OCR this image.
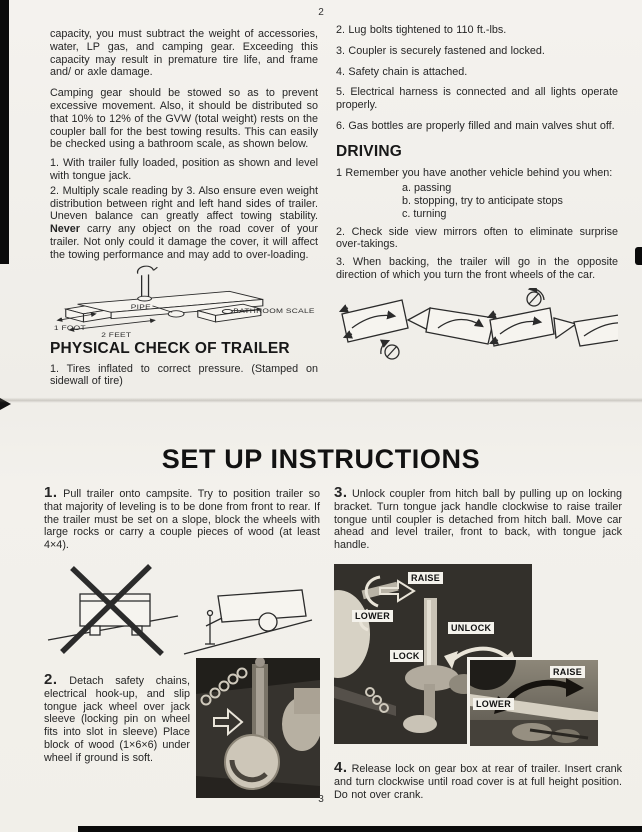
2

capacity, you must subtract the weight of accessories, water, LP gas, and camping gear. Exceeding this capacity may result in premature tire life, and frame and/ or axle damage.

Camping gear should be stowed so as to prevent excessive movement. Also, it should be distributed so that 10% to 12% of the GVW (total weight) rests on the coupler ball for the best towing results. This can easily be checked using a bathroom scale, as shown below.

1. With trailer fully loaded, position as shown and level with tongue jack.

2. Multiply scale reading by 3. Also ensure even weight distribution between right and left hand sides of trailer. Uneven balance can greatly affect towing stability. Never carry any object on the road cover of your trailer. Not only could it damage the cover, it will affect the towing performance and may add to over-loading.

1 FOOT
2 FEET
PIPE	BATHROOM SCALE
PHYSICAL CHECK OF TRAILER

1. Tires inflated to correct pressure. (Stamped on sidewall of tire)

2. Lug bolts tightened to 110 ft.-lbs.

3. Coupler is securely fastened and locked.

4. Safety chain is attached.

5. Electrical harness is connected and all lights operate properly.

6. Gas bottles are properly filled and main valves shut off.

DRIVING

1 Remember you have another vehicle behind you when:

a. passing
b. stopping, try to anticipate stops
c. turning

2. Check side view mirrors often to eliminate surprise over-takings.

3. When backing, the trailer will go in the opposite direction of which you turn the front wheels of the car.

SET UP INSTRUCTIONS

1. Pull trailer onto campsite. Try to position trailer so that majority of leveling is to be done from front to rear. If the trailer must be set on a slope, block the wheels with large rocks or carry a couple pieces of wood (at least 4×4).

2. Detach safety chains, electrical hook-up, and slip tongue jack wheel over jack sleeve (locking pin on wheel fits into slot in sleeve) Place block of wood (1×6×6) under wheel if ground is soft.

3. Unlock coupler from hitch ball by pulling up on locking bracket. Turn tongue jack handle clockwise to raise trailer tongue until coupler is detached from hitch ball. Move car ahead and level trailer, front to back, with tongue jack handle.

RAISE
LOWER
UNLOCK
LOCK
LOWER
RAISE

4. Release lock on gear box at rear of trailer. Insert crank and turn clockwise until road cover is at full height position. Do not over crank.

3
